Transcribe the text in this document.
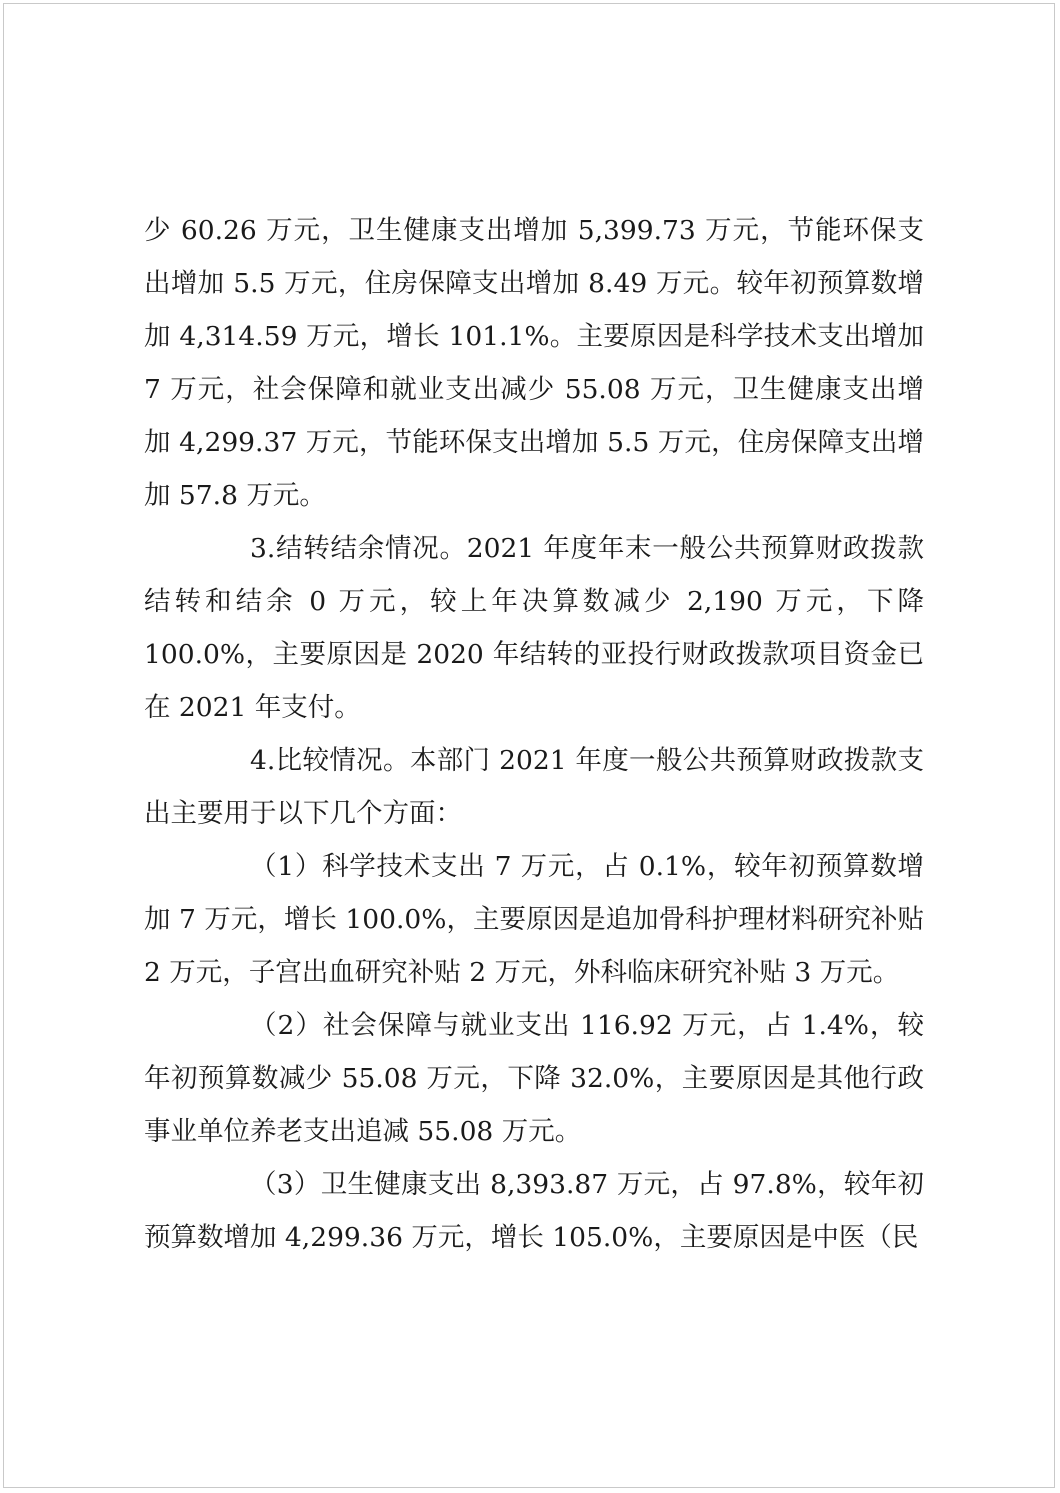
少 60.26 万元，卫生健康支出增加 5,399.73 万元，节能环保支出增加 5.5 万元，住房保障支出增加 8.49 万元。较年初预算数增加 4,314.59 万元，增长 101.1%。主要原因是科学技术支出增加 7 万元，社会保障和就业支出减少 55.08 万元，卫生健康支出增加 4,299.37 万元，节能环保支出增加 5.5 万元，住房保障支出增加 57.8 万元。

3.结转结余情况。2021 年度年末一般公共预算财政拨款结转和结余 0 万元，较上年决算数减少 2,190 万元，下降 100.0%，主要原因是 2020 年结转的亚投行财政拨款项目资金已在 2021 年支付。

4.比较情况。本部门 2021 年度一般公共预算财政拨款支出主要用于以下几个方面：

（1）科学技术支出 7 万元，占 0.1%，较年初预算数增加 7 万元，增长 100.0%，主要原因是追加骨科护理材料研究补贴 2 万元，子宫出血研究补贴 2 万元，外科临床研究补贴 3 万元。

（2）社会保障与就业支出 116.92 万元，占 1.4%，较年初预算数减少 55.08 万元，下降 32.0%，主要原因是其他行政事业单位养老支出追减 55.08 万元。

（3）卫生健康支出 8,393.87 万元，占 97.8%，较年初预算数增加 4,299.36 万元，增长 105.0%，主要原因是中医（民
